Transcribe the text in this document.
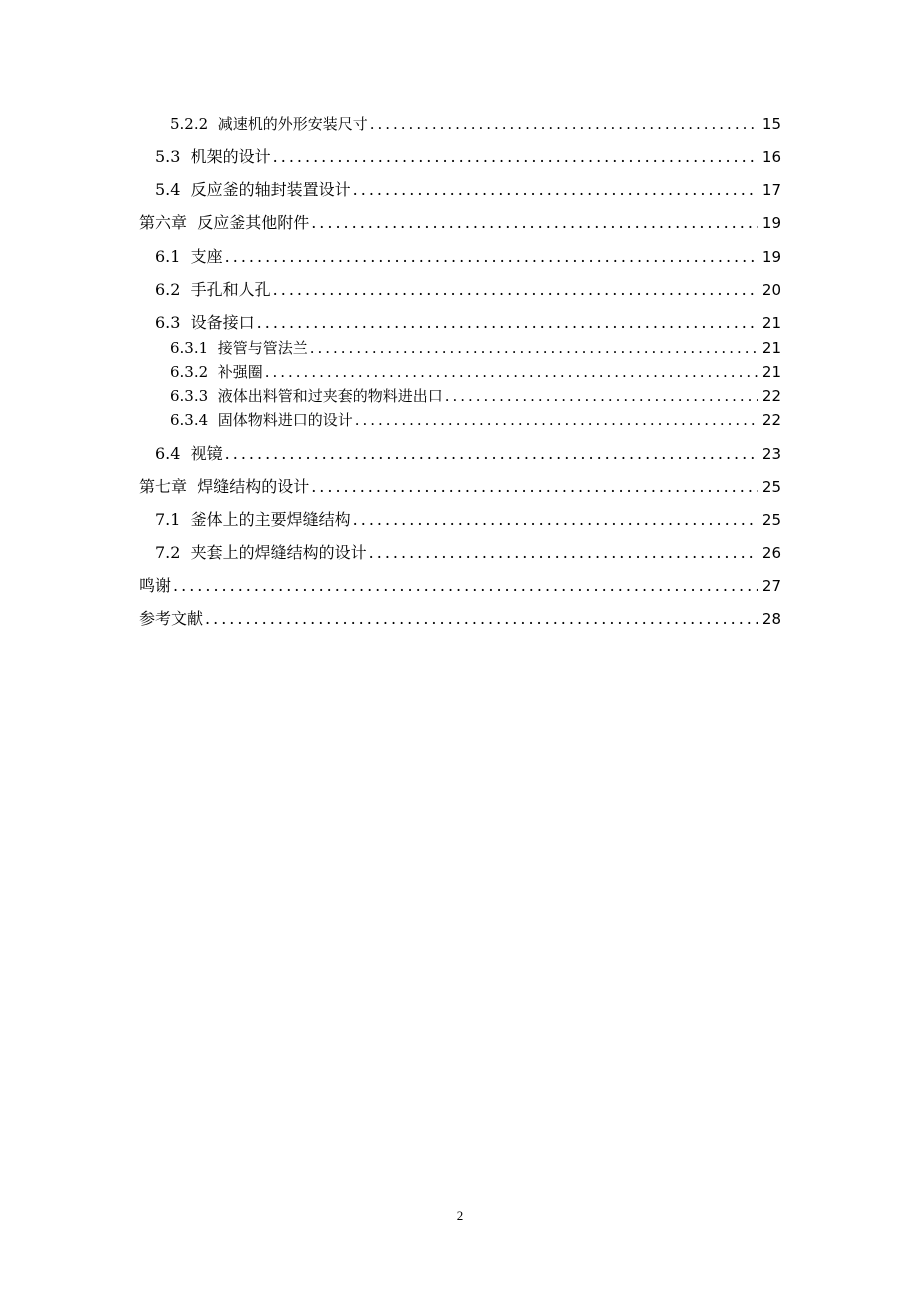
5.2.2 减速机的外形安装尺寸 .....	15
5.3 机架的设计 .....	16
5.4 反应釜的轴封装置设计 .....	17
第六章 反应釜其他附件 .....	19
6.1 支座 .....	19
6.2 手孔和人孔 .....	20
6.3 设备接口 .....	21
6.3.1 接管与管法兰 .....	21
6.3.2 补强圈 .....	21
6.3.3 液体出料管和过夹套的物料进出口 .....	22
6.3.4 固体物料进口的设计 .....	22
6.4 视镜 .....	23
第七章 焊缝结构的设计 .....	25
7.1 釜体上的主要焊缝结构 .....	25
7.2 夹套上的焊缝结构的设计 .....	26
鸣谢 .....	27
参考文献 .....	28
2
